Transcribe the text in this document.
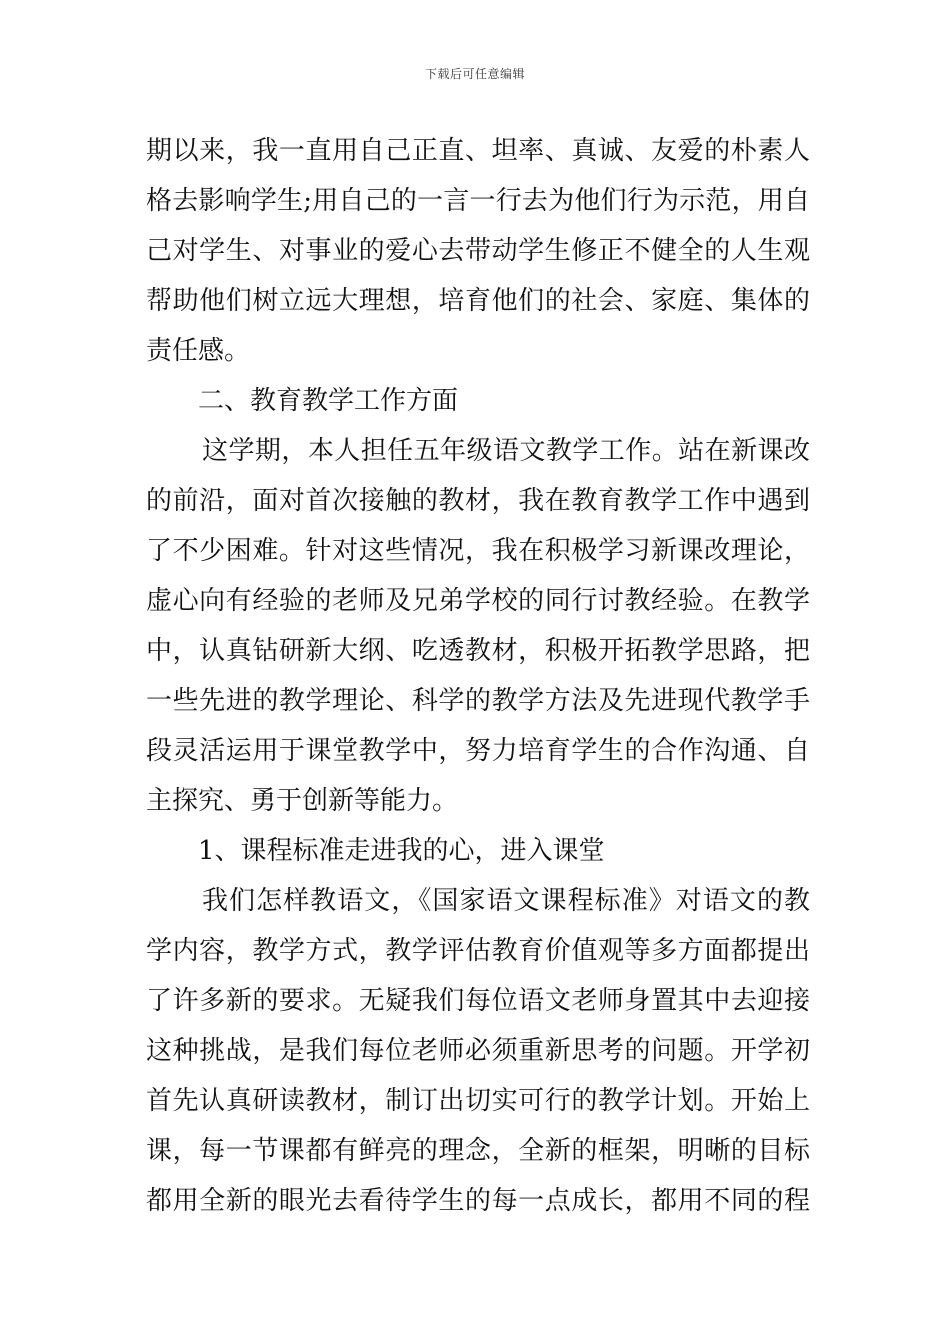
下载后可任意编辑
期以来，我一直用自己正直、坦率、真诚、友爱的朴素人
格去影响学生;用自己的一言一行去为他们行为示范，用自
己对学生、对事业的爱心去带动学生修正不健全的人生观
帮助他们树立远大理想，培育他们的社会、家庭、集体的
责任感。
二、教育教学工作方面
这学期，本人担任五年级语文教学工作。站在新课改
的前沿，面对首次接触的教材，我在教育教学工作中遇到
了不少困难。针对这些情况，我在积极学习新课改理论，
虚心向有经验的老师及兄弟学校的同行讨教经验。在教学
中，认真钻研新大纲、吃透教材，积极开拓教学思路，把
一些先进的教学理论、科学的教学方法及先进现代教学手
段灵活运用于课堂教学中，努力培育学生的合作沟通、自
主探究、勇于创新等能力。
1、课程标准走进我的心，进入课堂
我们怎样教语文，《国家语文课程标准》对语文的教
学内容，教学方式，教学评估教育价值观等多方面都提出
了许多新的要求。无疑我们每位语文老师身置其中去迎接
这种挑战，是我们每位老师必须重新思考的问题。开学初
首先认真研读教材，制订出切实可行的教学计划。开始上
课，每一节课都有鲜亮的理念，全新的框架，明晰的目标
都用全新的眼光去看待学生的每一点成长，都用不同的程
